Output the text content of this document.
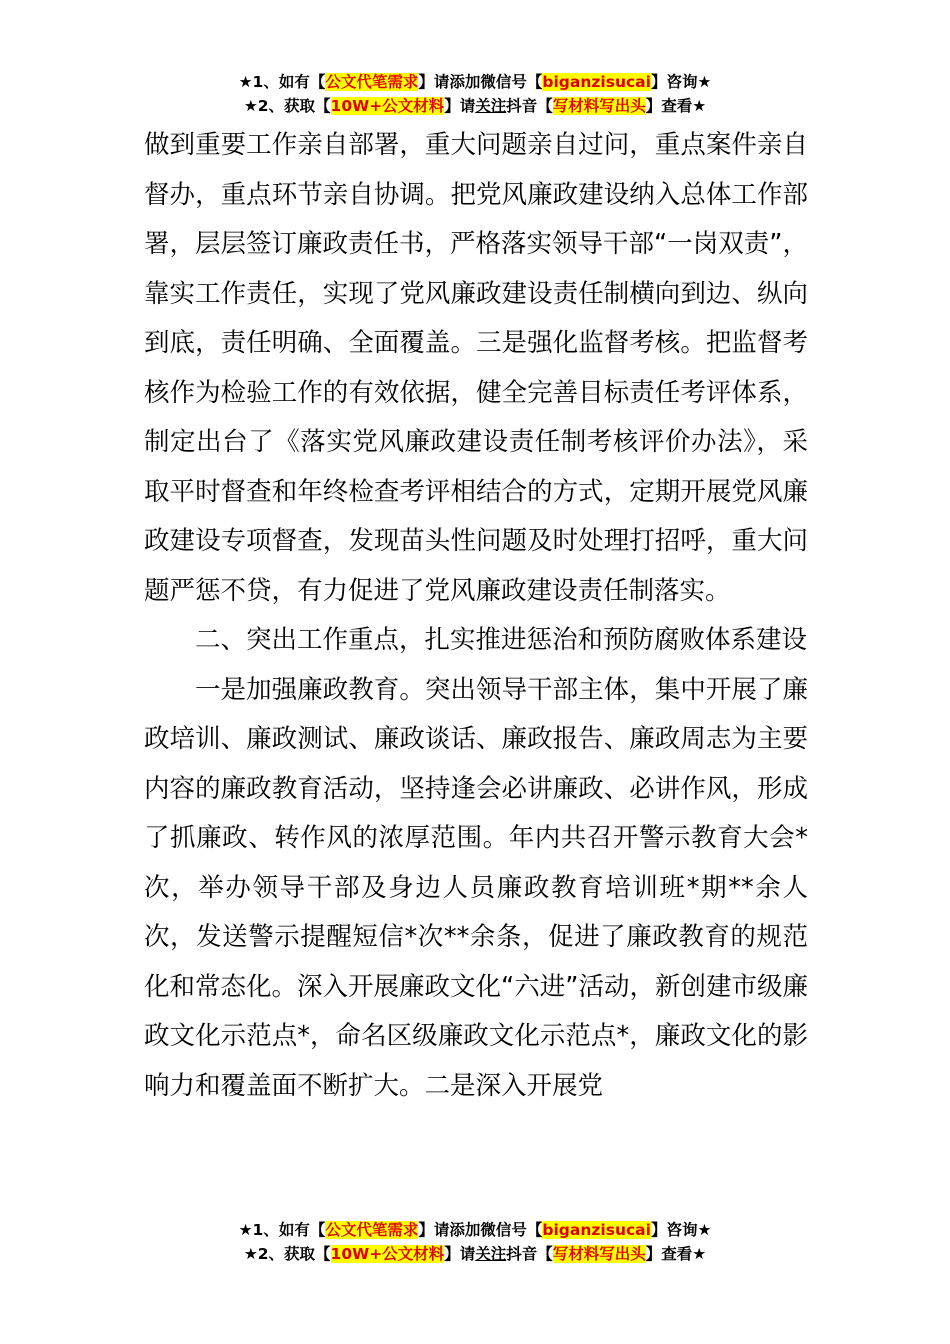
★1、如有【公文代笔需求】请添加微信号【biganzisucai】咨询★
★2、获取【10W+公文材料】请关注抖音【写材料写出头】查看★

做到重要工作亲自部署，重大问题亲自过问，重点案件亲自督办，重点环节亲自协调。把党风廉政建设纳入总体工作部署，层层签订廉政责任书，严格落实领导干部“一岗双责”，靠实工作责任，实现了党风廉政建设责任制横向到边、纵向到底，责任明确、全面覆盖。三是强化监督考核。把监督考核作为检验工作的有效依据，健全完善目标责任考评体系，制定出台了《落实党风廉政建设责任制考核评价办法》，采取平时督查和年终检查考评相结合的方式，定期开展党风廉政建设专项督查，发现苗头性问题及时处理打招呼，重大问题严惩不贷，有力促进了党风廉政建设责任制落实。

二、突出工作重点，扎实推进惩治和预防腐败体系建设

一是加强廉政教育。突出领导干部主体，集中开展了廉政培训、廉政测试、廉政谈话、廉政报告、廉政周志为主要内容的廉政教育活动，坚持逢会必讲廉政、必讲作风，形成了抓廉政、转作风的浓厚范围。年内共召开警示教育大会*次，举办领导干部及身边人员廉政教育培训班*期**余人次，发送警示提醒短信*次**余条，促进了廉政教育的规范化和常态化。深入开展廉政文化“六进”活动，新创建市级廉政文化示范点*，命名区级廉政文化示范点*，廉政文化的影响力和覆盖面不断扩大。二是深入开展党

★1、如有【公文代笔需求】请添加微信号【biganzisucai】咨询★
★2、获取【10W+公文材料】请关注抖音【写材料写出头】查看★
